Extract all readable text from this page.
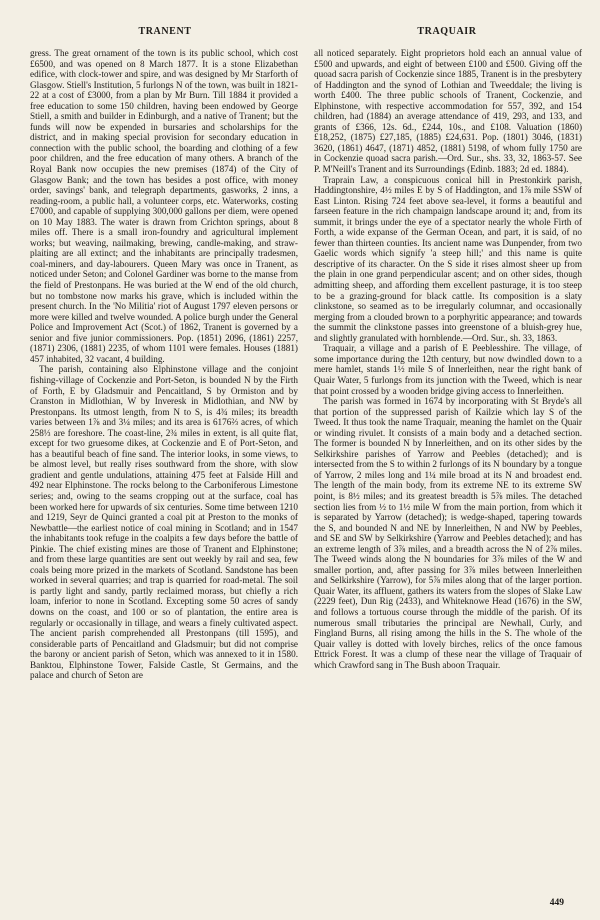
TRANENT	TRAQUAIR

gress. The great ornament of the town is its public school, which cost £6500, and was opened on 8 March 1877. It is a stone Elizabethan edifice, with clock-tower and spire, and was designed by Mr Starforth of Glasgow. Stiell's Institution, 5 furlongs N of the town, was built in 1821-22 at a cost of £3000, from a plan by Mr Burn. Till 1884 it provided a free education to some 150 children, having been endowed by George Stiell, a smith and builder in Edinburgh, and a native of Tranent; but the funds will now be expended in bursaries and scholarships for the district, and in making special provision for secondary education in connection with the public school, the boarding and clothing of a few poor children, and the free education of many others. A branch of the Royal Bank now occupies the new premises (1874) of the City of Glasgow Bank; and the town has besides a post office, with money order, savings' bank, and telegraph departments, gasworks, 2 inns, a reading-room, a public hall, a volunteer corps, etc. Waterworks, costing £7000, and capable of supplying 300,000 gallons per diem, were opened on 10 May 1883. The water is drawn from Crichton springs, about 8 miles off. There is a small iron-foundry and agricultural implement works; but weaving, nailmaking, brewing, candle-making, and straw-plaiting are all extinct; and the inhabitants are principally tradesmen, coal-miners, and day-labourers. Queen Mary was once in Tranent, as noticed under Seton; and Colonel Gardiner was borne to the manse from the field of Prestonpans. He was buried at the W end of the old church, but no tombstone now marks his grave, which is included within the present church. In the 'No Militia' riot of August 1797 eleven persons or more were killed and twelve wounded. A police burgh under the General Police and Improvement Act (Scot.) of 1862, Tranent is governed by a senior and five junior commissioners. Pop. (1851) 2096, (1861) 2257, (1871) 2306, (1881) 2235, of whom 1101 were females. Houses (1881) 457 inhabited, 32 vacant, 4 building.

The parish, containing also Elphinstone village and the conjoint fishing-village of Cockenzie and Port-Seton, is bounded N by the Firth of Forth, E by Gladsmuir and Pencaitland, S by Ormiston and by Cranston in Midlothian, W by Inveresk in Midlothian, and NW by Prestonpans. Its utmost length, from N to S, is 4¾ miles; its breadth varies between 1⅞ and 3¼ miles; and its area is 6176⅔ acres, of which 258⅓ are foreshore. The coast-line, 2¾ miles in extent, is all quite flat, except for two gruesome dikes, at Cockenzie and E of Port-Seton, and has a beautiful beach of fine sand. The interior looks, in some views, to be almost level, but really rises southward from the shore, with slow gradient and gentle undulations, attaining 475 feet at Falside Hill and 492 near Elphinstone. The rocks belong to the Carboniferous Limestone series; and, owing to the seams cropping out at the surface, coal has been worked here for upwards of six centuries. Some time between 1210 and 1219, Seyr de Quinci granted a coal pit at Preston to the monks of Newbattle—the earliest notice of coal mining in Scotland; and in 1547 the inhabitants took refuge in the coalpits a few days before the battle of Pinkie. The chief existing mines are those of Tranent and Elphinstone; and from these large quantities are sent out weekly by rail and sea, few coals being more prized in the markets of Scotland. Sandstone has been worked in several quarries; and trap is quarried for road-metal. The soil is partly light and sandy, partly reclaimed morass, but chiefly a rich loam, inferior to none in Scotland. Excepting some 50 acres of sandy downs on the coast, and 100 or so of plantation, the entire area is regularly or occasionally in tillage, and wears a finely cultivated aspect. The ancient parish comprehended all Prestonpans (till 1595), and considerable parts of Pencaitland and Gladsmuir; but did not comprise the barony or ancient parish of Seton, which was annexed to it in 1580. Banktou, Elphinstone Tower, Falside Castle, St Germains, and the palace and church of Seton are

all noticed separately. Eight proprietors hold each an annual value of £500 and upwards, and eight of between £100 and £500. Giving off the quoad sacra parish of Cockenzie since 1885, Tranent is in the presbytery of Haddington and the synod of Lothian and Tweeddale; the living is worth £400. The three public schools of Tranent, Cockenzie, and Elphinstone, with respective accommodation for 557, 392, and 154 children, had (1884) an average attendance of 419, 293, and 133, and grants of £366, 12s. 6d., £244, 10s., and £108. Valuation (1860) £18,252, (1875) £27,185, (1885) £24,631. Pop. (1801) 3046, (1831) 3620, (1861) 4647, (1871) 4852, (1881) 5198, of whom fully 1750 are in Cockenzie quoad sacra parish.—Ord. Sur., shs. 33, 32, 1863-57. See P. M'Neill's Tranent and its Surroundings (Edinb. 1883; 2d ed. 1884).

Traprain Law, a conspicuous conical hill in Prestonkirk parish, Haddingtonshire, 4½ miles E by S of Haddington, and 1⅞ mile SSW of East Linton. Rising 724 feet above sea-level, it forms a beautiful and farseen feature in the rich champaign landscape around it; and, from its summit, it brings under the eye of a spectator nearly the whole Firth of Forth, a wide expanse of the German Ocean, and part, it is said, of no fewer than thirteen counties. Its ancient name was Dunpender, from two Gaelic words which signify 'a steep hill;' and this name is quite descriptive of its character. On the S side it rises almost sheer up from the plain in one grand perpendicular ascent; and on other sides, though admitting sheep, and affording them excellent pasturage, it is too steep to be a grazing-ground for black cattle. Its composition is a slaty clinkstone, so seamed as to be irregularly columnar, and occasionally merging from a clouded brown to a porphyritic appearance; and towards the summit the clinkstone passes into greenstone of a bluish-grey hue, and slightly granulated with hornblende.—Ord. Sur., sh. 33, 1863.

Traquair, a village and a parish of E Peeblesshire. The village, of some importance during the 12th century, but now dwindled down to a mere hamlet, stands 1½ mile S of Innerleithen, near the right bank of Quair Water, 5 furlongs from its junction with the Tweed, which is near that point crossed by a wooden bridge giving access to Innerleithen.

The parish was formed in 1674 by incorporating with St Bryde's all that portion of the suppressed parish of Kailzie which lay S of the Tweed. It thus took the name Traquair, meaning the hamlet on the Quair or winding rivulet. It consists of a main body and a detached section. The former is bounded N by Innerleithen, and on its other sides by the Selkirkshire parishes of Yarrow and Peebles (detached); and is intersected from the S to within 2 furlongs of its N boundary by a tongue of Yarrow, 2 miles long and 1¼ mile broad at its N and broadest end. The length of the main body, from its extreme NE to its extreme SW point, is 8½ miles; and its greatest breadth is 5⅞ miles. The detached section lies from ½ to 1½ mile W from the main portion, from which it is separated by Yarrow (detached); is wedge-shaped, tapering towards the S, and bounded N and NE by Innerleithen, N and NW by Peebles, and SE and SW by Selkirkshire (Yarrow and Peebles detached); and has an extreme length of 3⅞ miles, and a breadth across the N of 2⅞ miles. The Tweed winds along the N boundaries for 3⅞ miles of the W and smaller portion, and, after passing for 3⅞ miles between Innerleithen and Selkirkshire (Yarrow), for 5⅞ miles along that of the larger portion. Quair Water, its affluent, gathers its waters from the slopes of Slake Law (2229 feet), Dun Rig (2433), and Whiteknowe Head (1676) in the SW, and follows a tortuous course through the middle of the parish. Of its numerous small tributaries the principal are Newhall, Curly, and Fingland Burns, all rising among the hills in the S. The whole of the Quair valley is dotted with lovely birches, relics of the once famous Ettrick Forest. It was a clump of these near the village of Traquair of which Crawford sang in The Bush aboon Traquair.

449
